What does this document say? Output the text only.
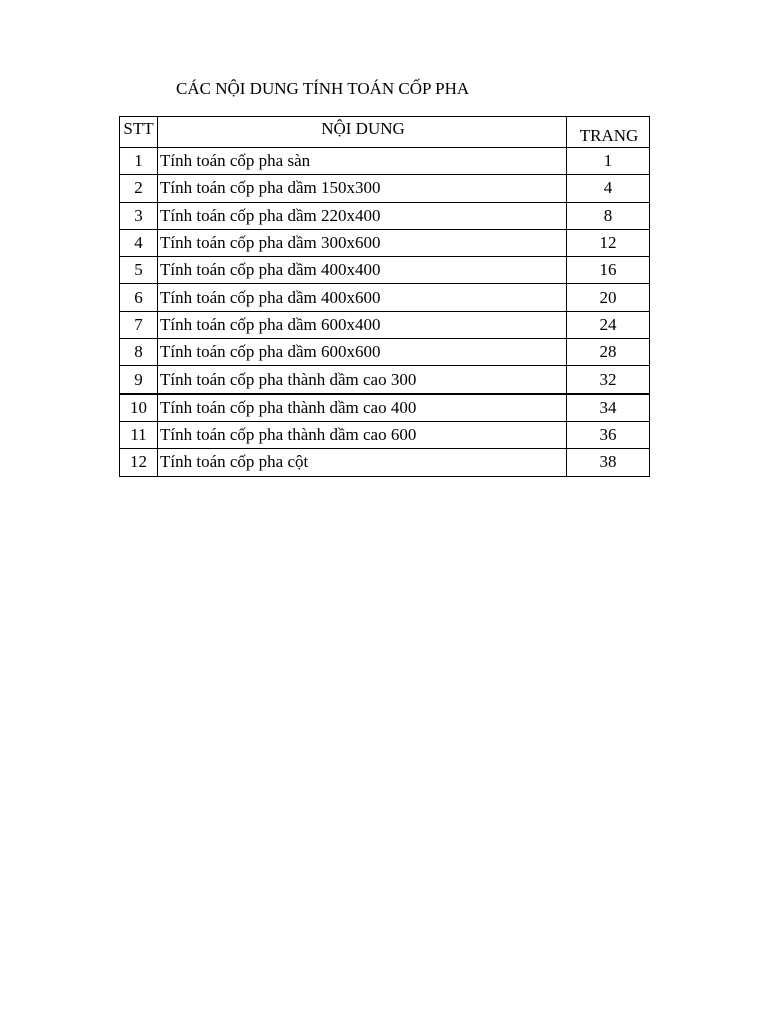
CÁC NỘI DUNG TÍNH TOÁN CỐP PHA
STT	NỘI DUNG	TRANG
1	Tính toán cốp pha sàn	1
2	Tính toán cốp pha dầm 150x300	4
3	Tính toán cốp pha dầm 220x400	8
4	Tính toán cốp pha dầm 300x600	12
5	Tính toán cốp pha dầm 400x400	16
6	Tính toán cốp pha dầm 400x600	20
7	Tính toán cốp pha dầm 600x400	24
8	Tính toán cốp pha dầm 600x600	28
9	Tính toán cốp pha thành dầm cao 300	32
10	Tính toán cốp pha thành dầm cao 400	34
11	Tính toán cốp pha thành dầm cao 600	36
12	Tính toán cốp pha cột	38
